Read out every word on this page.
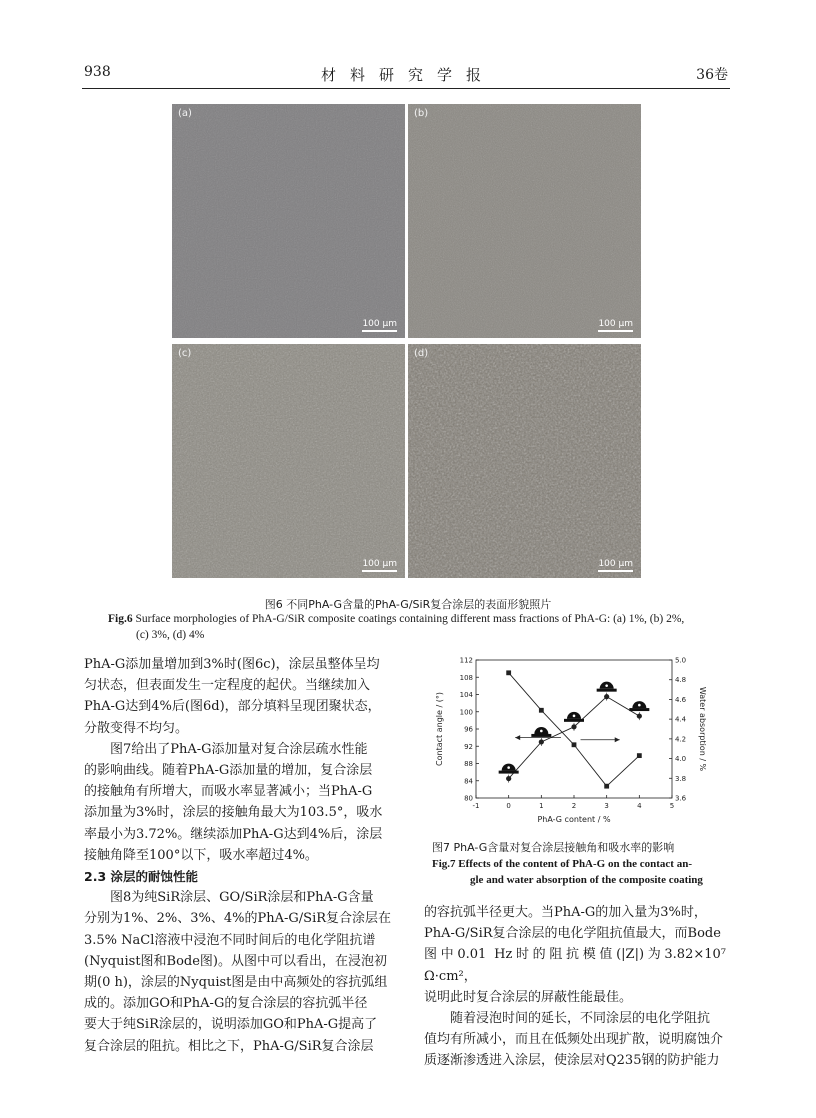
938	材料研究学报	36卷
(a)
100 μm
(b)
100 μm
(c)
100 μm
(d)
100 μm
图6 不同PhA-G含量的PhA-G/SiR复合涂层的表面形貌照片
Fig.6 Surface morphologies of PhA-G/SiR composite coatings containing different mass fractions of PhA-G: (a) 1%, (b) 2%,
(c) 3%, (d) 4%

PhA-G添加量增加到3%时(图6c)，涂层虽整体呈均
匀状态，但表面发生一定程度的起伏。当继续加入
PhA-G达到4%后(图6d)，部分填料呈现团聚状态，
分散变得不均匀。

图7给出了PhA-G添加量对复合涂层疏水性能
的影响曲线。随着PhA-G添加量的增加，复合涂层
的接触角有所增大，而吸水率显著减小；当PhA-G
添加量为3%时，涂层的接触角最大为103.5°，吸水
率最小为3.72%。继续添加PhA-G达到4%后，涂层
接触角降至100°以下，吸水率超过4%。

2.3 涂层的耐蚀性能

图8为纯SiR涂层、GO/SiR涂层和PhA-G含量
分别为1%、2%、3%、4%的PhA-G/SiR复合涂层在
3.5% NaCl溶液中浸泡不同时间后的电化学阻抗谱
(Nyquist图和Bode图)。从图中可以看出，在浸泡初
期(0 h)，涂层的Nyquist图是由中高频处的容抗弧组
成的。添加GO和PhA-G的复合涂层的容抗弧半径
要大于纯SiR涂层的，说明添加GO和PhA-G提高了
复合涂层的阻抗。相比之下，PhA-G/SiR复合涂层

-1	0	1	2	3	4	5
80
84
88
92
96
100
104
108
112
3.6
3.8
4.0
4.2
4.4
4.6
4.8
5.0
PhA-G content / %
Contact angle / (°)	Water absorption / %
图7 PhA-G含量对复合涂层接触角和吸水率的影响
Fig.7 Effects of the content of PhA-G on the contact an-
gle and water absorption of the composite coating

的容抗弧半径更大。当PhA-G的加入量为3%时，
PhA-G/SiR复合涂层的电化学阻抗值最大，而Bode
图中0.01 Hz时的阻抗模值(|Z|)为3.82×10⁷ Ω·cm²，
说明此时复合涂层的屏蔽性能最佳。

随着浸泡时间的延长，不同涂层的电化学阻抗
值均有所减小，而且在低频处出现扩散，说明腐蚀介
质逐渐渗透进入涂层，使涂层对Q235钢的防护能力
